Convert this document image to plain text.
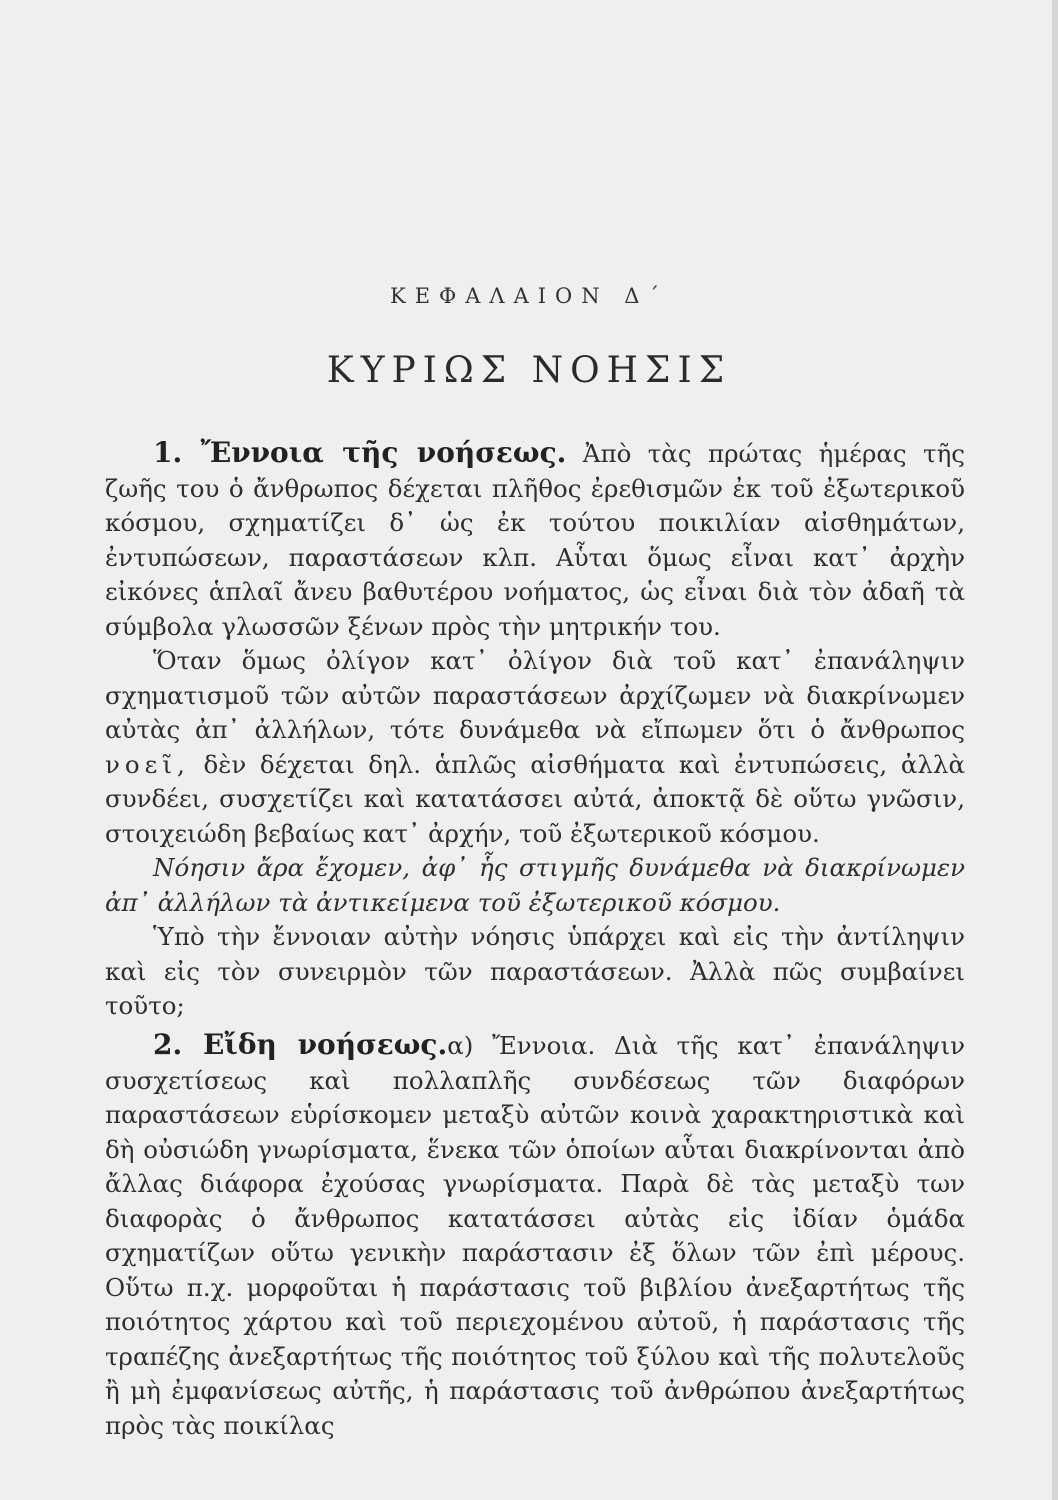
ΚΕΦΑΛΑΙΟΝ Δ΄
ΚΥΡΙΩΣ ΝΟΗΣΙΣ

1. Ἔννοια τῆς νοήσεως. Ἀπὸ τὰς πρώτας ἡμέρας τῆς ζωῆς του ὁ ἄνθρωπος δέχεται πλῆθος ἐρεθισμῶν ἐκ τοῦ ἐξωτερικοῦ κόσμου, σχηματίζει δ᾽ ὡς ἐκ τούτου ποικιλίαν αἰσθημάτων, ἐντυπώσεων, παραστάσεων κλπ. Αὗται ὅμως εἶναι κατ᾽ ἀρχὴν εἰκόνες ἁπλαῖ ἄνευ βαθυτέρου νοήματος, ὡς εἶναι διὰ τὸν ἀδαῆ τὰ σύμβολα γλωσσῶν ξένων πρὸς τὴν μητρικήν του.

Ὅταν ὅμως ὀλίγον κατ᾽ ὀλίγον διὰ τοῦ κατ᾽ ἐπανάληψιν σχηματισμοῦ τῶν αὐτῶν παραστάσεων ἀρχίζωμεν νὰ διακρίνωμεν αὐτὰς ἀπ᾽ ἀλλήλων, τότε δυνάμεθα νὰ εἴπωμεν ὅτι ὁ ἄνθρωπος νοεῖ, δὲν δέχεται δηλ. ἁπλῶς αἰσθήματα καὶ ἐντυπώσεις, ἀλλὰ συνδέει, συσχετίζει καὶ κατατάσσει αὐτά, ἀποκτᾷ δὲ οὕτω γνῶσιν, στοιχειώδη βεβαίως κατ᾽ ἀρχήν, τοῦ ἐξωτερικοῦ κόσμου.

Νόησιν ἄρα ἔχομεν, ἀφ᾽ ἧς στιγμῆς δυνάμεθα νὰ διακρίνωμεν ἀπ᾽ ἀλλήλων τὰ ἀντικείμενα τοῦ ἐξωτερικοῦ κόσμου.

Ὑπὸ τὴν ἔννοιαν αὐτὴν νόησις ὑπάρχει καὶ εἰς τὴν ἀντίληψιν καὶ εἰς τὸν συνειρμὸν τῶν παραστάσεων. Ἀλλὰ πῶς συμβαίνει τοῦτο;

2. Εἴδη νοήσεως.α) Ἔννοια. Διὰ τῆς κατ᾽ ἐπανάληψιν συσχετίσεως καὶ πολλαπλῆς συνδέσεως τῶν διαφόρων παραστάσεων εὑρίσκομεν μεταξὺ αὐτῶν κοινὰ χαρακτηριστικὰ καὶ δὴ οὐσιώδη γνωρίσματα, ἕνεκα τῶν ὁποίων αὗται διακρίνονται ἀπὸ ἄλλας διάφορα ἐχούσας γνωρίσματα. Παρὰ δὲ τὰς μεταξὺ των διαφορὰς ὁ ἄνθρωπος κατατάσσει αὐτὰς εἰς ἰδίαν ὁμάδα σχηματίζων οὕτω γενικὴν παράστασιν ἐξ ὅλων τῶν ἐπὶ μέρους. Οὕτω π.χ. μορφοῦται ἡ παράστασις τοῦ βιβλίου ἀνεξαρτήτως τῆς ποιότητος χάρτου καὶ τοῦ περιεχομένου αὐτοῦ, ἡ παράστασις τῆς τραπέζης ἀνεξαρτήτως τῆς ποιότητος τοῦ ξύλου καὶ τῆς πολυτελοῦς ἢ μὴ ἐμφανίσεως αὐτῆς, ἡ παράστασις τοῦ ἀνθρώπου ἀνεξαρτήτως πρὸς τὰς ποικίλας
